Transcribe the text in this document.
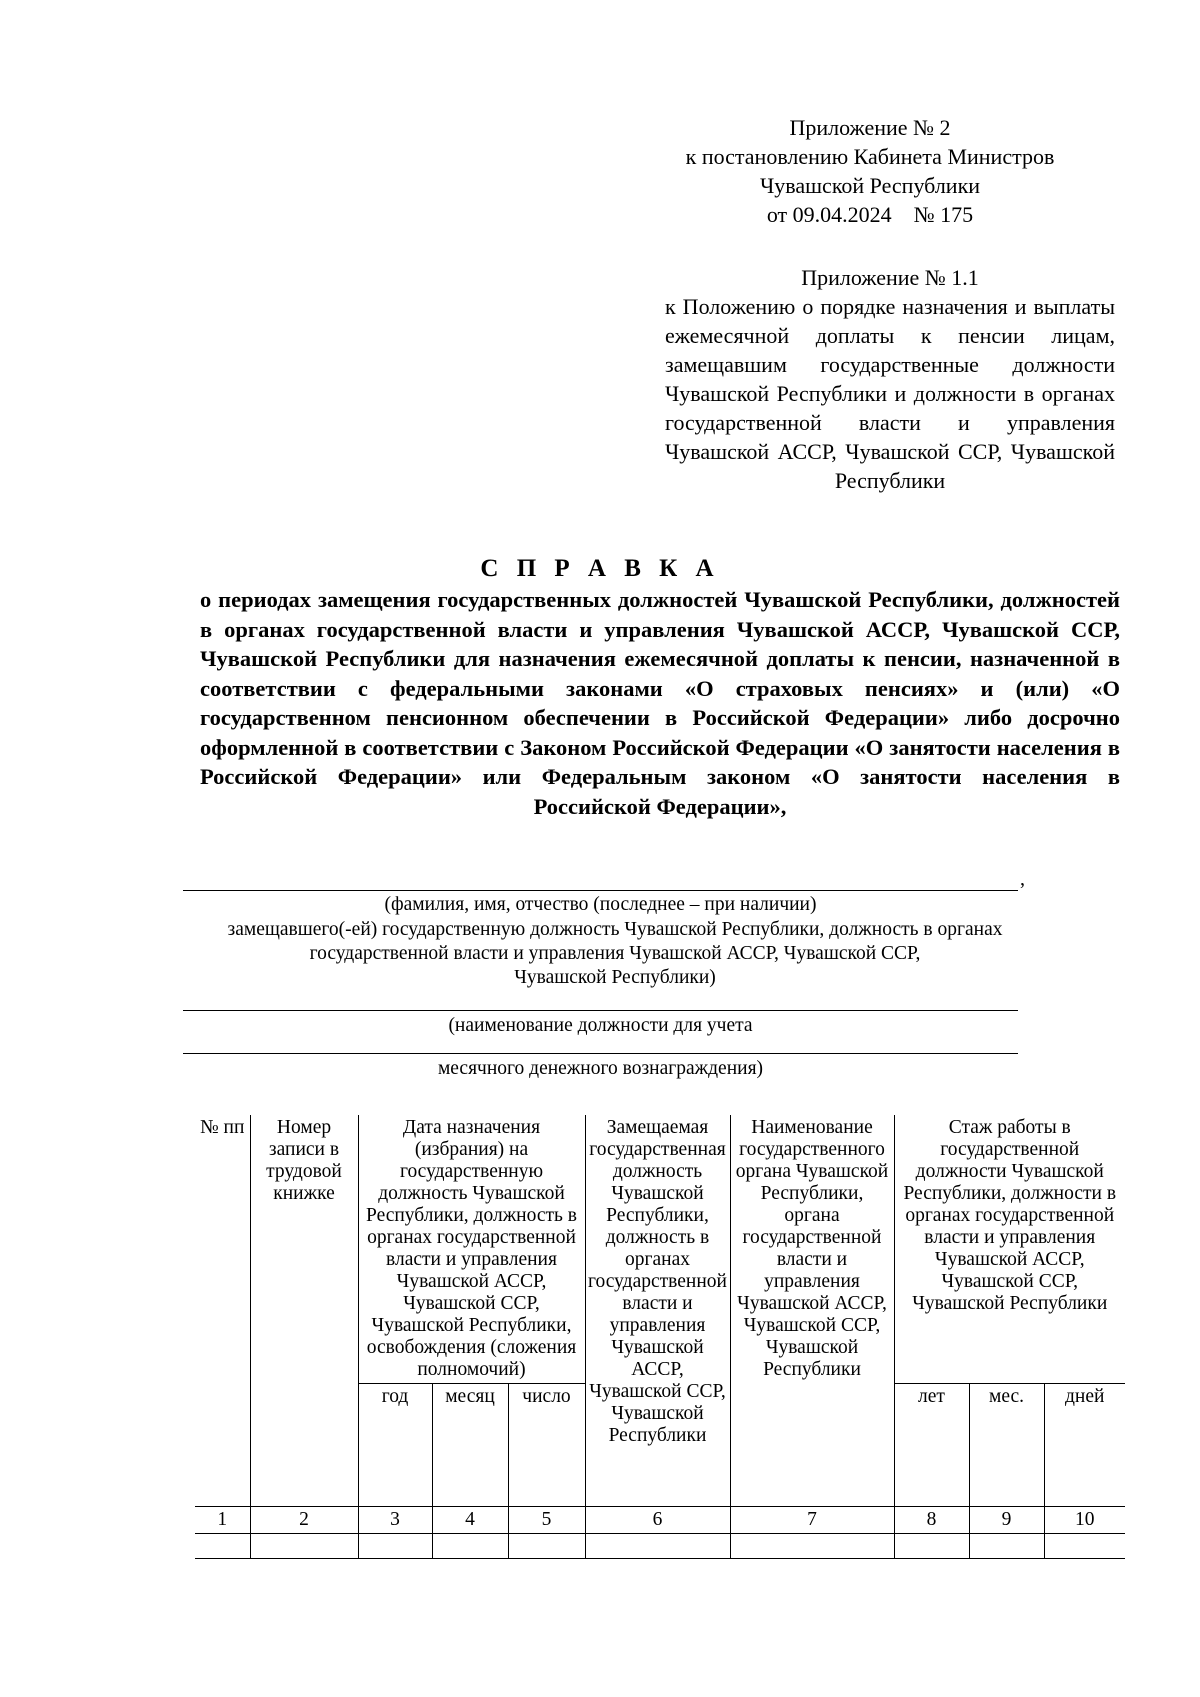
Приложение № 2
к постановлению Кабинета Министров
Чувашской Республики
от 09.04.2024    № 175
Приложение № 1.1
к Положению о порядке назначения и выплаты ежемесячной доплаты к пенсии лицам, замещавшим государственные должности Чувашской Республики и должности в органах государственной власти и управления Чувашской АССР, Чувашской ССР, Чувашской Республики
С П Р А В К А
о периодах замещения государственных должностей Чувашской Республики, должностей в органах государственной власти и управления Чувашской АССР, Чувашской ССР, Чувашской Республики для назначения ежемесячной доплаты к пенсии, назначенной в соответствии с федеральными законами «О страховых пенсиях» и (или) «О государственном пенсионном обеспечении в Российской Федерации» либо досрочно оформленной в соответствии с Законом Российской Федерации «О занятости населения в Российской Федерации» или Федеральным законом «О занятости населения в Российской Федерации»,
,
(фамилия, имя, отчество (последнее – при наличии)
замещавшего(-ей) государственную должность Чувашской Республики, должность в органах
государственной власти и управления Чувашской АССР, Чувашской ССР,
Чувашской Республики)
(наименование должности для учета
месячного денежного вознаграждения)
№ пп	Номер записи в трудовой книжке	Дата назначения (избрания) на государственную должность Чувашской Республики, должность в органах государственной власти и управления Чувашской АССР, Чувашской ССР, Чувашской Республики, освобождения (сложения полномочий)			Замещаемая государственная должность Чувашской Республики, должность в органах государственной власти и управления Чувашской АССР, Чувашской ССР, Чувашской Республики	Наименование государственного органа Чувашской Республики, органа государственной власти и управления Чувашской АССР, Чувашской ССР, Чувашской Республики	Стаж работы в государственной должности Чувашской Республики, должности в органах государственной власти и управления Чувашской АССР, Чувашской ССР, Чувашской Республики		
		год	месяц	число			лет	мес.	дней
1	2	3	4	5	6	7	8	9	10
